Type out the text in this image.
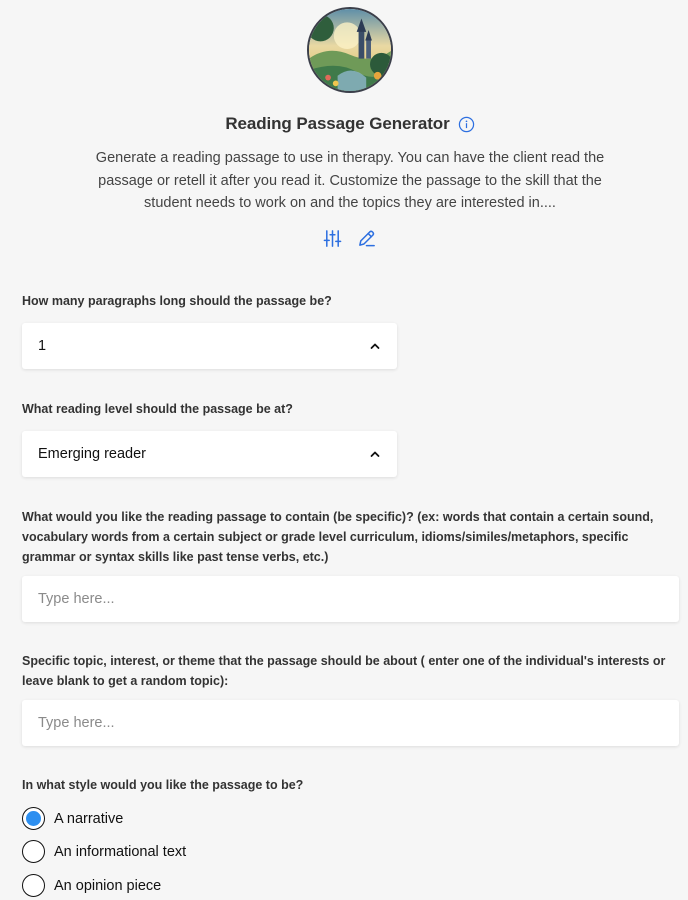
Reading Passage Generator

Generate a reading passage to use in therapy. You can have the client read the passage or retell it after you read it. Customize the passage to the skill that the student needs to work on and the topics they are interested in....

How many paragraphs long should the passage be?
1
What reading level should the passage be at?
Emerging reader
What would you like the reading passage to contain (be specific)? (ex: words that contain a certain sound,
vocabulary words from a certain subject or grade level curriculum, idioms/similes/metaphors, specific
grammar or syntax skills like past tense verbs, etc.)
Type here...
Specific topic, interest, or theme that the passage should be about ( enter one of the individual's interests or
leave blank to get a random topic):
Type here...
In what style would you like the passage to be?
A narrative
An informational text
An opinion piece
